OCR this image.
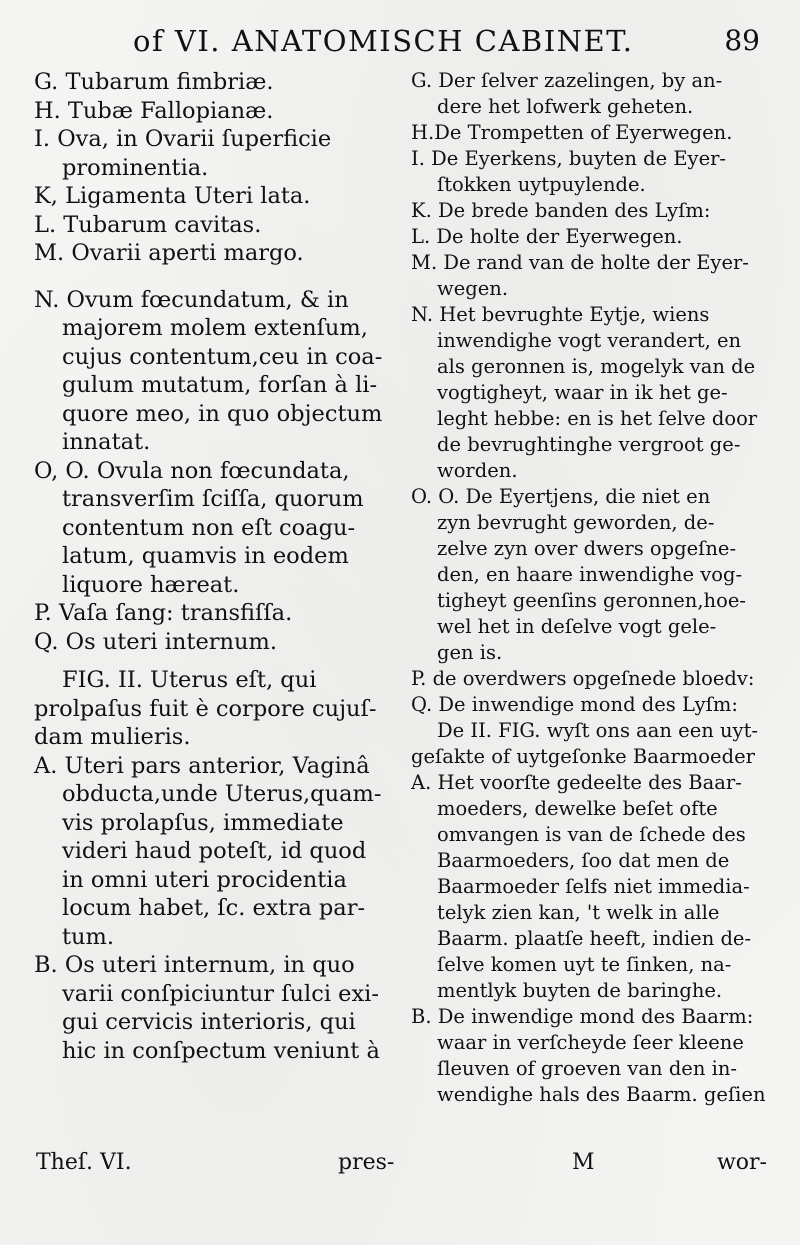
of VI. ANATOMISCH CABINET.	89
G. Tubarum fimbriæ.
H. Tubæ Fallopianæ.
I. Ova, in Ovarii ſuperficie
prominentia.
K, Ligamenta Uteri lata.
L. Tubarum cavitas.
M. Ovarii aperti margo.
N. Ovum fœcundatum, & in
majorem molem extenſum,
cujus contentum,ceu in coa-
gulum mutatum, forſan à li-
quore meo, in quo objectum
innatat.
O, O. Ovula non fœcundata,
transverſim ſciſſa, quorum
contentum non eſt coagu-
latum, quamvis in eodem
liquore hæreat.
P. Vaſa ſang: transfiſſa.
Q. Os uteri internum.
FIG. II. Uterus eſt, qui
prolpaſus fuit è corpore cujuſ-
dam mulieris.
A. Uteri pars anterior, Vaginâ
obducta,unde Uterus,quam-
vis prolapſus, immediate
videri haud poteſt, id quod
in omni uteri procidentia
locum habet, ſc. extra par-
tum.
B. Os uteri internum, in quo
varii conſpiciuntur ſulci exi-
gui cervicis interioris, qui
hic in conſpectum veniunt à
G. Der ſelver zazelingen, by an-
dere het lofwerk geheten.
H.De Trompetten of Eyerwegen.
I. De Eyerkens, buyten de Eyer-
ſtokken uytpuylende.
K. De brede banden des Lyſm:
L. De holte der Eyerwegen.
M. De rand van de holte der Eyer-
wegen.
N. Het bevrughte Eytje, wiens
inwendighe vogt verandert, en
als geronnen is, mogelyk van de
vogtigheyt, waar in ik het ge-
leght hebbe: en is het ſelve door
de bevrughtinghe vergroot ge-
worden.
O. O. De Eyertjens, die niet en
zyn bevrught geworden, de-
zelve zyn over dwers opgeſne-
den, en haare inwendighe vog-
tigheyt geenſins geronnen,hoe-
wel het in deſelve vogt gele-
gen is.
P. de overdwers opgeſnede bloedv:
Q. De inwendige mond des Lyſm:
De II. FIG. wyſt ons aan een uyt-
geſakte of uytgeſonke Baarmoeder
A. Het voorſte gedeelte des Baar-
moeders, dewelke beſet ofte
omvangen is van de ſchede des
Baarmoeders, ſoo dat men de
Baarmoeder ſelfs niet immedia-
telyk zien kan, 't welk in alle
Baarm. plaatſe heeft, indien de-
ſelve komen uyt te ſinken, na-
mentlyk buyten de baringhe.
B. De inwendige mond des Baarm:
waar in verſcheyde ſeer kleene
ſleuven of groeven van den in-
wendighe hals des Baarm. geſien
Theſ. VI.	pres-	M	wor-
